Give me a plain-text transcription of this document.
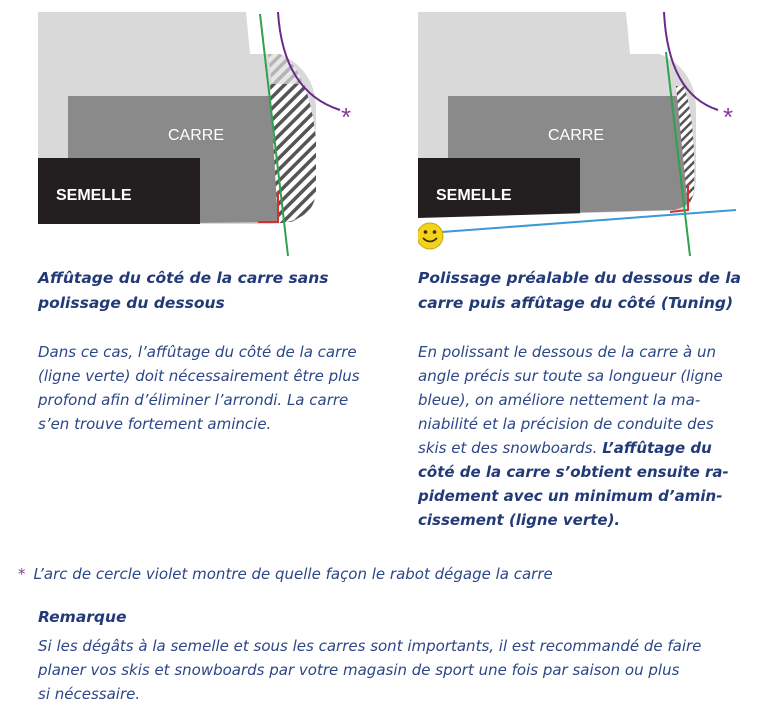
CARRE
SEMELLE
*
CARRE
SEMELLE
*
Affûtage du côté de la carre sans
polissage du dessous
Dans ce cas, l’affûtage du côté de la carre
(ligne verte) doit nécessairement être plus
profond afin d’éliminer l’arrondi. La carre
s’en trouve fortement amincie.
Polissage préalable du dessous de la
carre puis affûtage du côté (Tuning)
En polissant le dessous de la carre à un
angle précis sur toute sa longueur (ligne
bleue), on améliore nettement la ma-
niabilité et la précision de conduite des
skis et des snowboards. L’affûtage du
côté de la carre s’obtient ensuite ra-
pidement avec un minimum d’amin-
cissement (ligne verte).

* L’arc de cercle violet montre de quelle façon le rabot dégage la carre

Remarque

Si les dégâts à la semelle et sous les carres sont importants, il est recommandé de faire
planer vos skis et snowboards par votre magasin de sport une fois par saison ou plus
si nécessaire.
